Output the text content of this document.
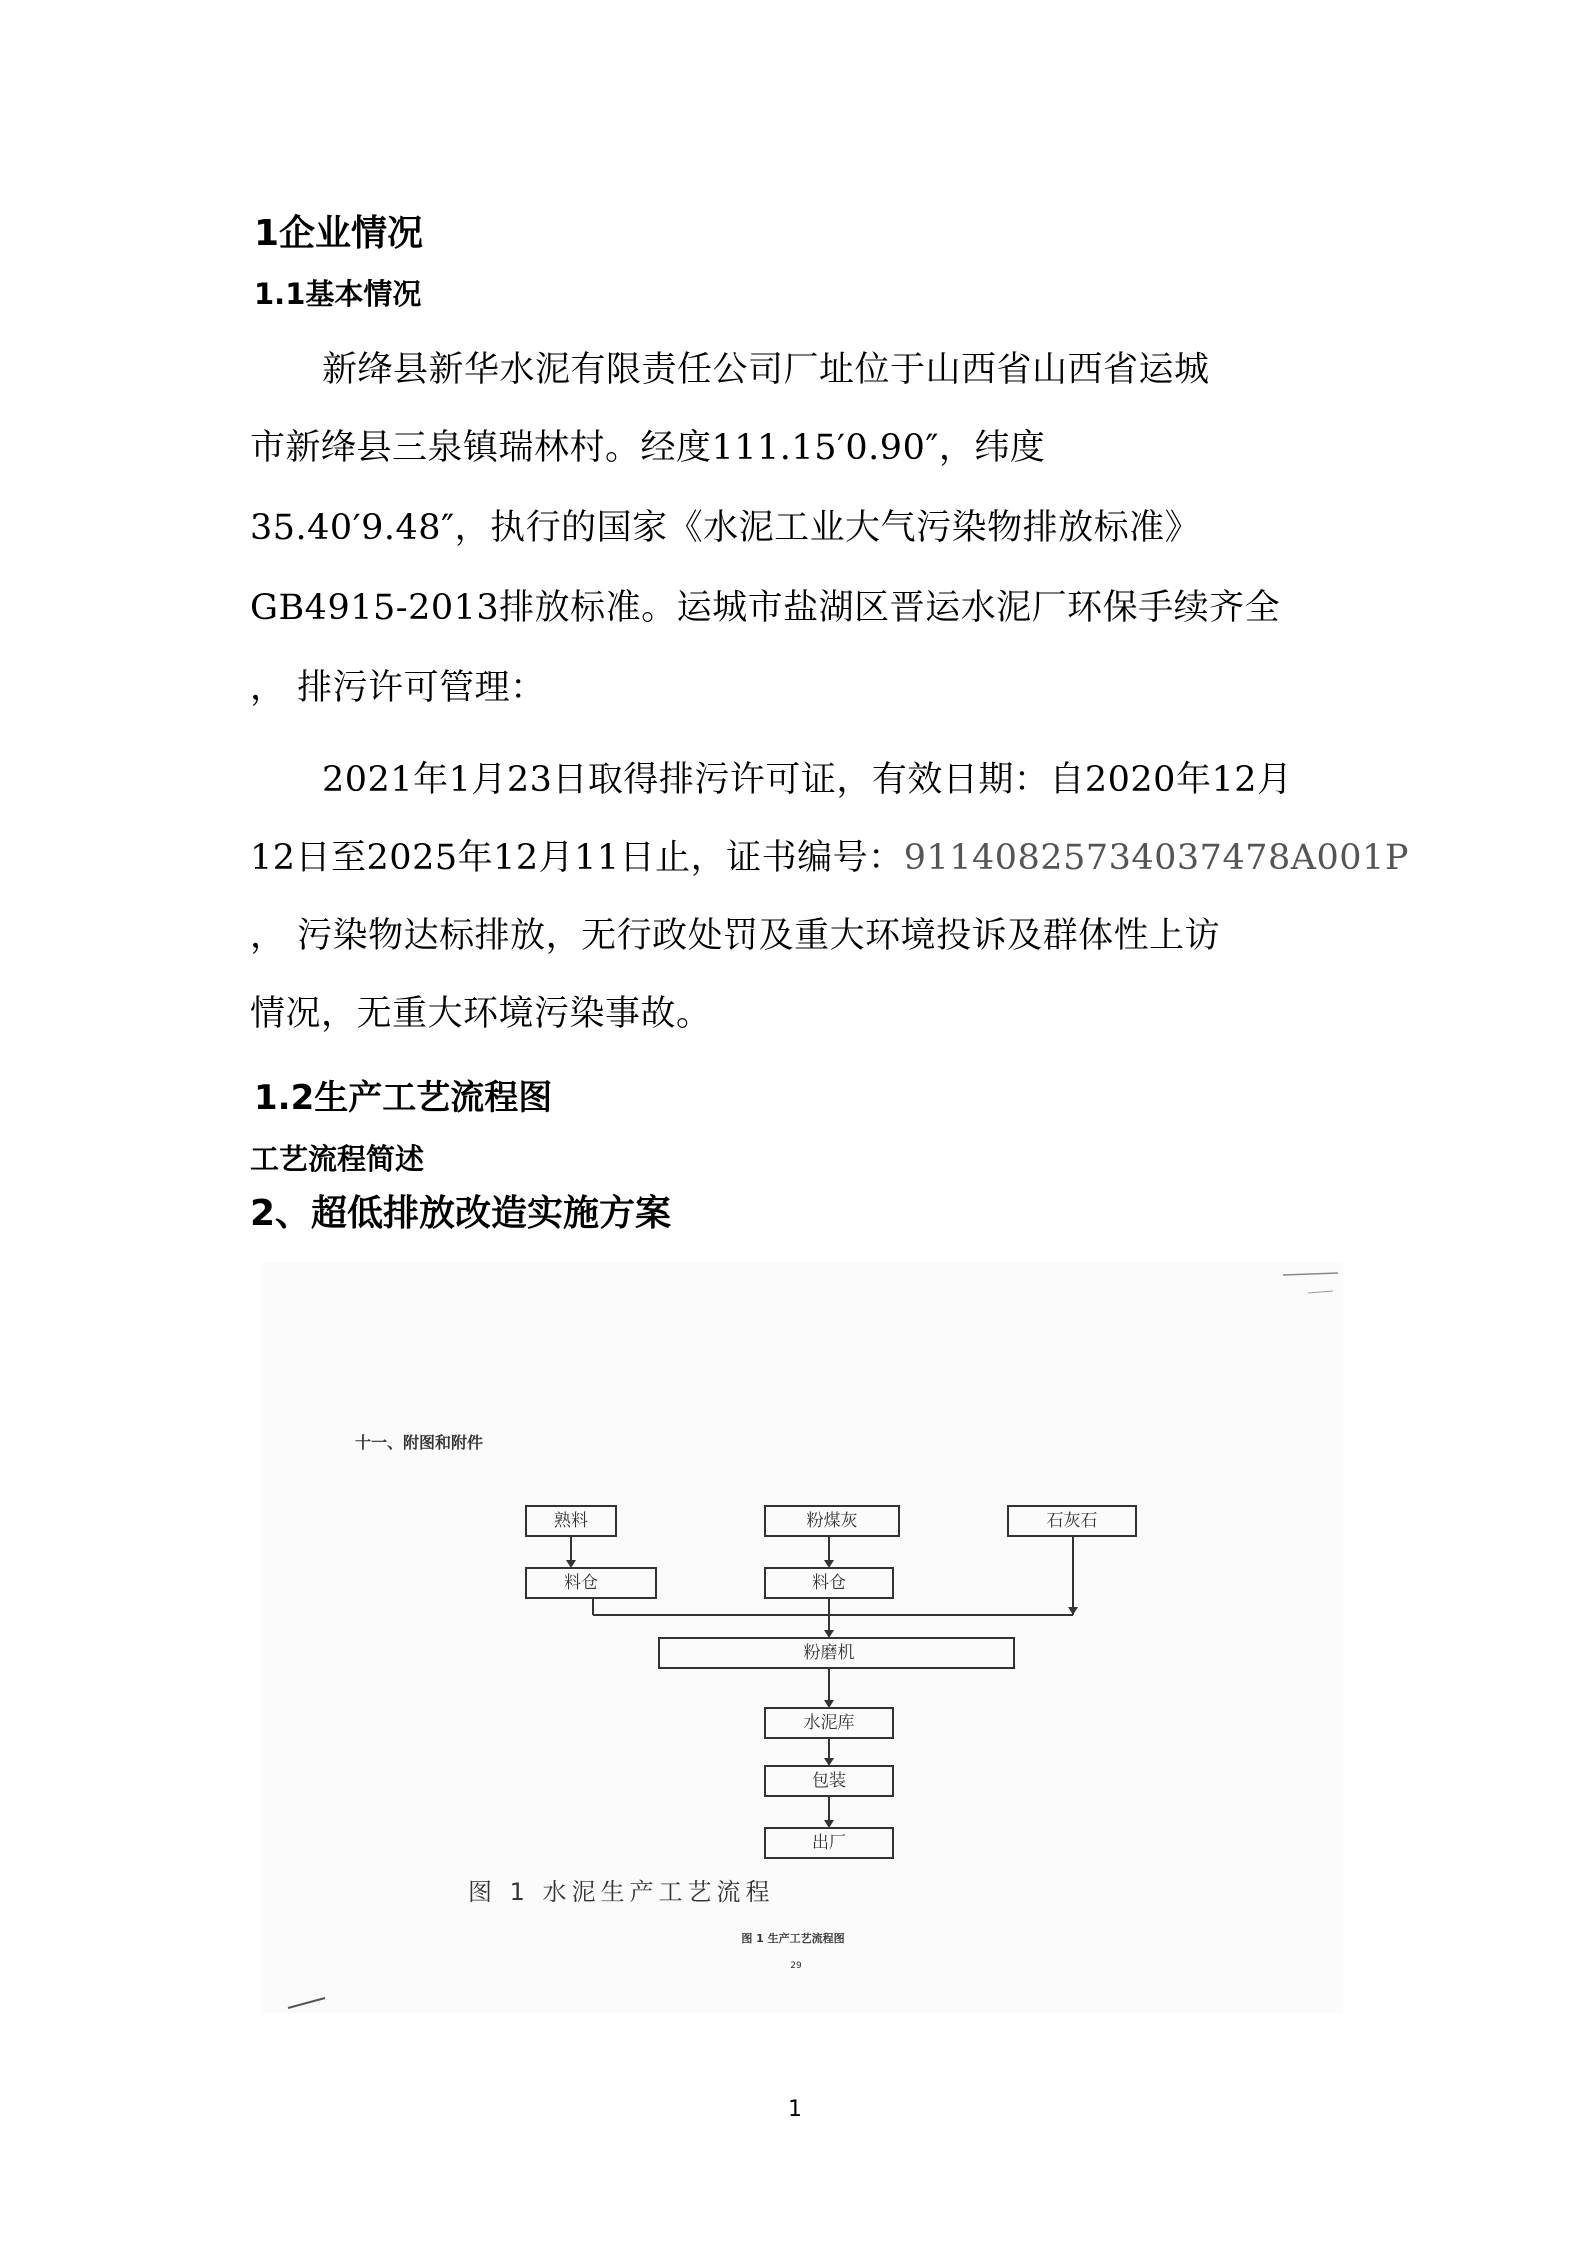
1企业情况
1.1基本情况
新绛县新华水泥有限责任公司厂址位于山西省山西省运城
市新绛县三泉镇瑞林村。经度111.15′0.90″，纬度
35.40′9.48″，执行的国家《水泥工业大气污染物排放标准》
GB4915-2013排放标准。运城市盐湖区晋运水泥厂环保手续齐全
， 排污许可管理：
2021年1月23日取得排污许可证，有效日期：自2020年12月
12日至2025年12月11日止，证书编号：91140825734037478A001P
， 污染物达标排放，无行政处罚及重大环境投诉及群体性上访
情况，无重大环境污染事故。
1.2生产工艺流程图
工艺流程简述
2、超低排放改造实施方案
十一、附图和附件
熟料	粉煤灰	石灰石
料仓	料仓
粉磨机
水泥库
包装
出厂
图 1 水泥生产工艺流程
图 1 生产工艺流程图
29
1
